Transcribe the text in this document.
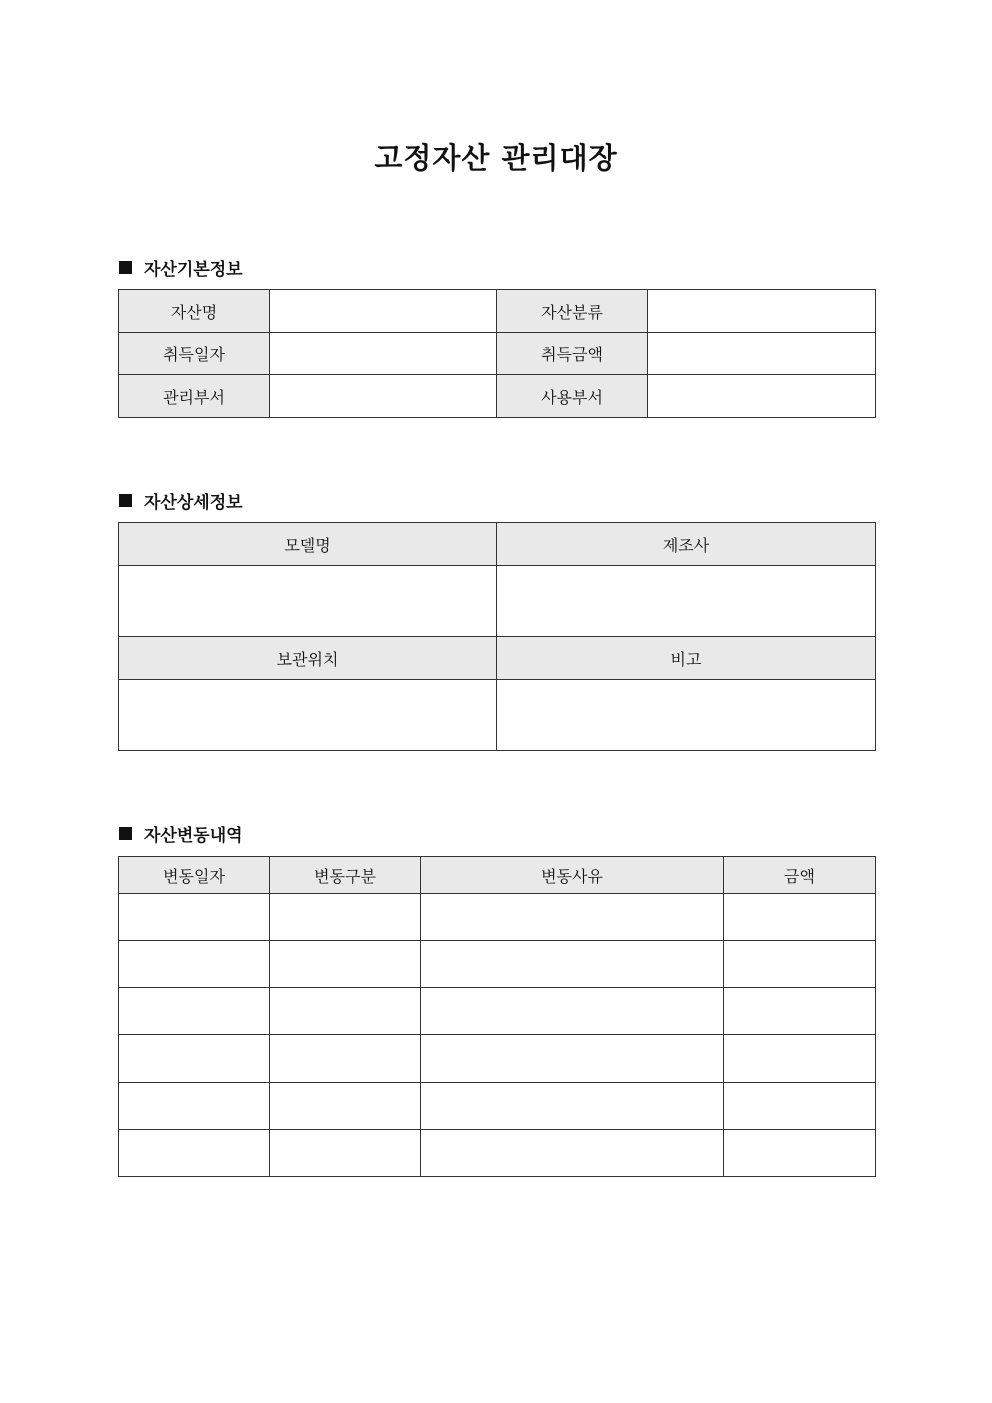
고정자산 관리대장
자산기본정보
자산명		자산분류	
취득일자		취득금액	
관리부서		사용부서	
자산상세정보
모델명	제조사

보관위치	비고

자산변동내역
변동일자	변동구분	변동사유	금액
